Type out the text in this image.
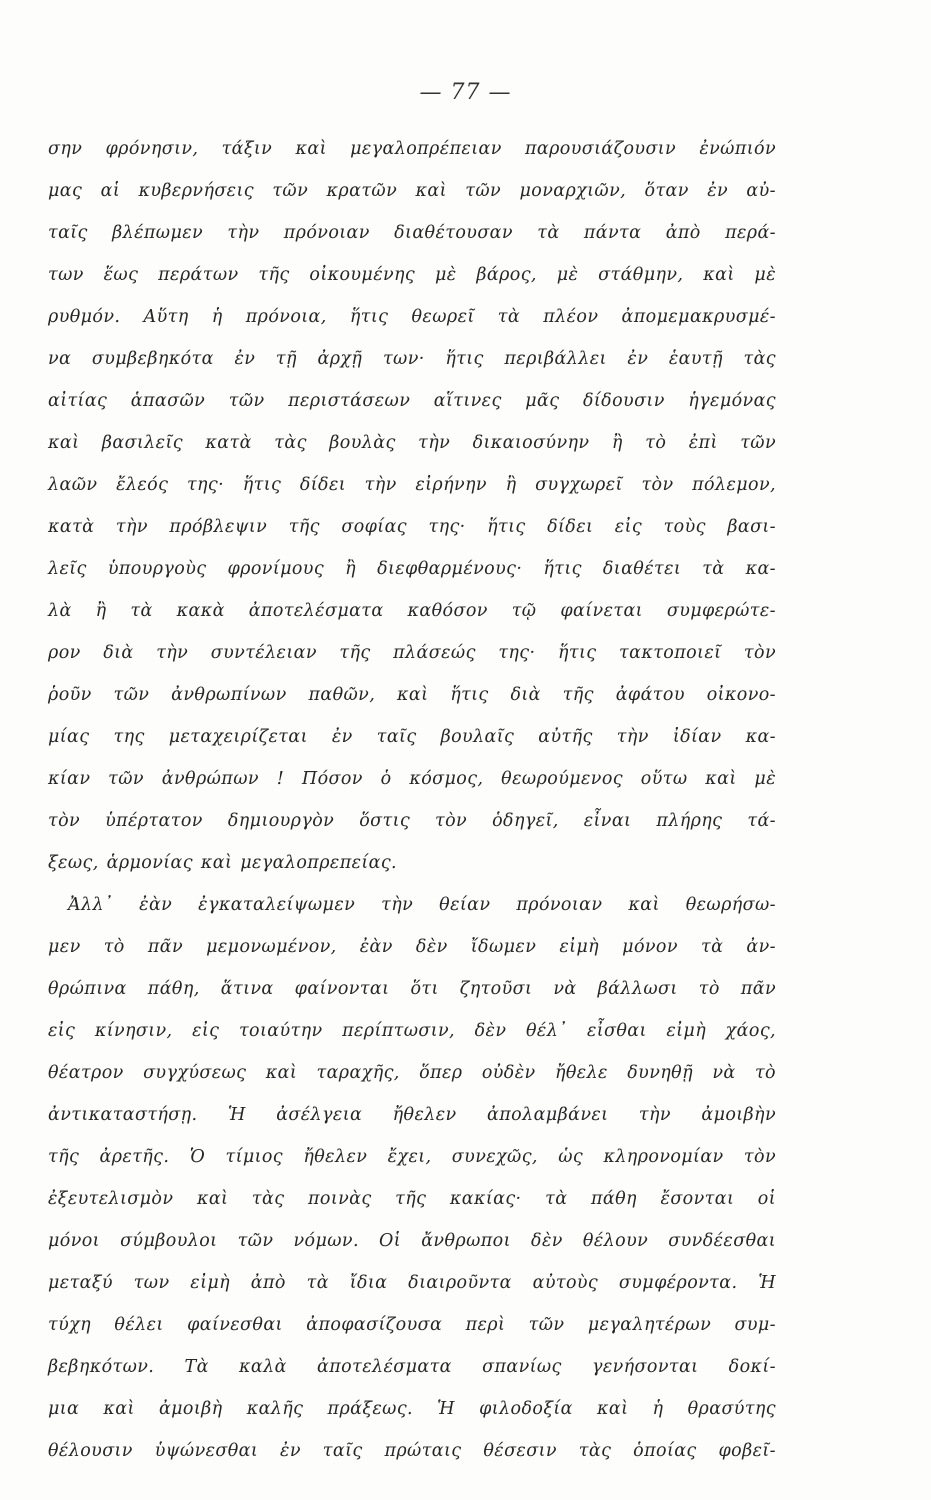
— 77 —
σην φρόνησιν, τάξιν καὶ μεγαλοπρέπειαν παρουσιάζουσιν ἐνώπιόν
μας αἱ κυβερνήσεις τῶν κρατῶν καὶ τῶν μοναρχιῶν, ὅταν ἐν αὐ-
ταῖς βλέπωμεν τὴν πρόνοιαν διαθέτουσαν τὰ πάντα ἀπὸ περά-
των ἕως περάτων τῆς οἰκουμένης μὲ βάρος, μὲ στάθμην, καὶ μὲ
ρυθμόν. Αὕτη ἡ πρόνοια, ἥτις θεωρεῖ τὰ πλέον ἀπομεμακρυσμέ-
να συμβεβηκότα ἐν τῇ ἀρχῇ των· ἥτις περιβάλλει ἐν ἑαυτῇ τὰς
αἰτίας ἁπασῶν τῶν περιστάσεων αἵτινες μᾶς δίδουσιν ἡγεμόνας
καὶ βασιλεῖς κατὰ τὰς βουλὰς τὴν δικαιοσύνην ἢ τὸ ἐπὶ τῶν
λαῶν ἔλεός της· ἥτις δίδει τὴν εἰρήνην ἢ συγχωρεῖ τὸν πόλεμον,
κατὰ τὴν πρόβλεψιν τῆς σοφίας της· ἥτις δίδει εἰς τοὺς βασι-
λεῖς ὑπουργοὺς φρονίμους ἢ διεφθαρμένους· ἥτις διαθέτει τὰ κα-
λὰ ἢ τὰ κακὰ ἀποτελέσματα καθόσον τῷ φαίνεται συμφερώτε-
ρον διὰ τὴν συντέλειαν τῆς πλάσεώς της· ἥτις τακτοποιεῖ τὸν
ῥοῦν τῶν ἀνθρωπίνων παθῶν, καὶ ἥτις διὰ τῆς ἀφάτου οἰκονο-
μίας της μεταχειρίζεται ἐν ταῖς βουλαῖς αὐτῆς τὴν ἰδίαν κα-
κίαν τῶν ἀνθρώπων ! Πόσον ὁ κόσμος, θεωρούμενος οὕτω καὶ μὲ
τὸν ὑπέρτατον δημιουργὸν ὅστις τὸν ὁδηγεῖ, εἶναι πλήρης τά-
ξεως, ἁρμονίας καὶ μεγαλοπρεπείας.
Ἀλλ᾽ ἐὰν ἐγκαταλείψωμεν τὴν θείαν πρόνοιαν καὶ θεωρήσω-
μεν τὸ πᾶν μεμονωμένον, ἐὰν δὲν ἴδωμεν εἰμὴ μόνον τὰ ἀν-
θρώπινα πάθη, ἅτινα φαίνονται ὅτι ζητοῦσι νὰ βάλλωσι τὸ πᾶν
εἰς κίνησιν, εἰς τοιαύτην περίπτωσιν, δὲν θέλ᾽ εἶσθαι εἰμὴ χάος,
θέατρον συγχύσεως καὶ ταραχῆς, ὅπερ οὐδὲν ἤθελε δυνηθῇ νὰ τὸ
ἀντικαταστήσῃ. Ἡ ἀσέλγεια ἤθελεν ἀπολαμβάνει τὴν ἀμοιβὴν
τῆς ἀρετῆς. Ὁ τίμιος ἤθελεν ἔχει, συνεχῶς, ὡς κληρονομίαν τὸν
ἐξευτελισμὸν καὶ τὰς ποινὰς τῆς κακίας· τὰ πάθη ἔσονται οἱ
μόνοι σύμβουλοι τῶν νόμων. Οἱ ἄνθρωποι δὲν θέλουν συνδέεσθαι
μεταξύ των εἰμὴ ἀπὸ τὰ ἴδια διαιροῦντα αὐτοὺς συμφέροντα. Ἡ
τύχη θέλει φαίνεσθαι ἀποφασίζουσα περὶ τῶν μεγαλητέρων συμ-
βεβηκότων. Τὰ καλὰ ἀποτελέσματα σπανίως γενήσονται δοκί-
μια καὶ ἀμοιβὴ καλῆς πράξεως. Ἡ φιλοδοξία καὶ ἡ θρασύτης
θέλουσιν ὑψώνεσθαι ἐν ταῖς πρώταις θέσεσιν τὰς ὁποίας φοβεῖ-
